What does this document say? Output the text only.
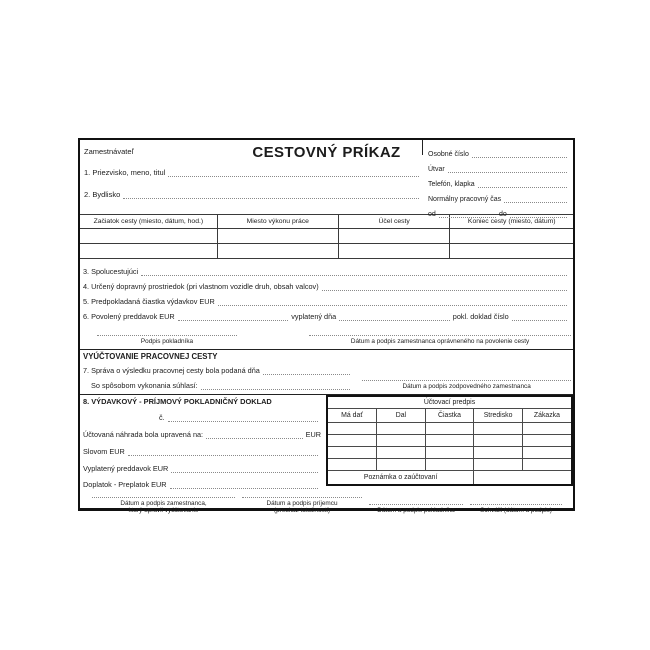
Zamestnávateľ	CESTOVNÝ PRÍKAZ
1. Priezvisko, meno, titul
2. Bydlisko
Osobné číslo
Útvar
Telefón, klapka
Normálny pracovný čas
od	do
Začiatok cesty (miesto, dátum, hod.)	Miesto výkonu práce	Účel cesty	Koniec cesty (miesto, dátum)

3. Spolucestujúci
4. Určený dopravný prostriedok (pri vlastnom vozidle druh, obsah valcov)
5. Predpokladaná čiastka výdavkov EUR
6. Povolený preddavok EUR	vyplatený dňa	pokl. doklad číslo
Podpis pokladníka	Dátum a podpis zamestnanca oprávneného na povolenie cesty
VYÚČTOVANIE PRACOVNEJ CESTY
7. Správa o výsledku pracovnej cesty bola podaná dňa
So spôsobom vykonania súhlasí:	Dátum a podpis zodpovedného zamestnanca
8. VÝDAVKOVÝ - PRÍJMOVÝ POKLADNIČNÝ DOKLAD
č.
Účtovaná náhrada bola upravená na:	EUR
Slovom EUR
Vyplatený preddavok EUR
Doplatok - Preplatok EUR
Účtovací predpis				
Má dať	Dal	Čiastka	Stredisko	Zákazka

Poznámka o zaúčtovaní				
Dátum a podpis zamestnanca,
ktorý upravil vyúčtovanie
Dátum a podpis príjemcu
(preukaz totožnosti)	Dátum a podpis pokladníka	Schválil (dátum a podpis)
